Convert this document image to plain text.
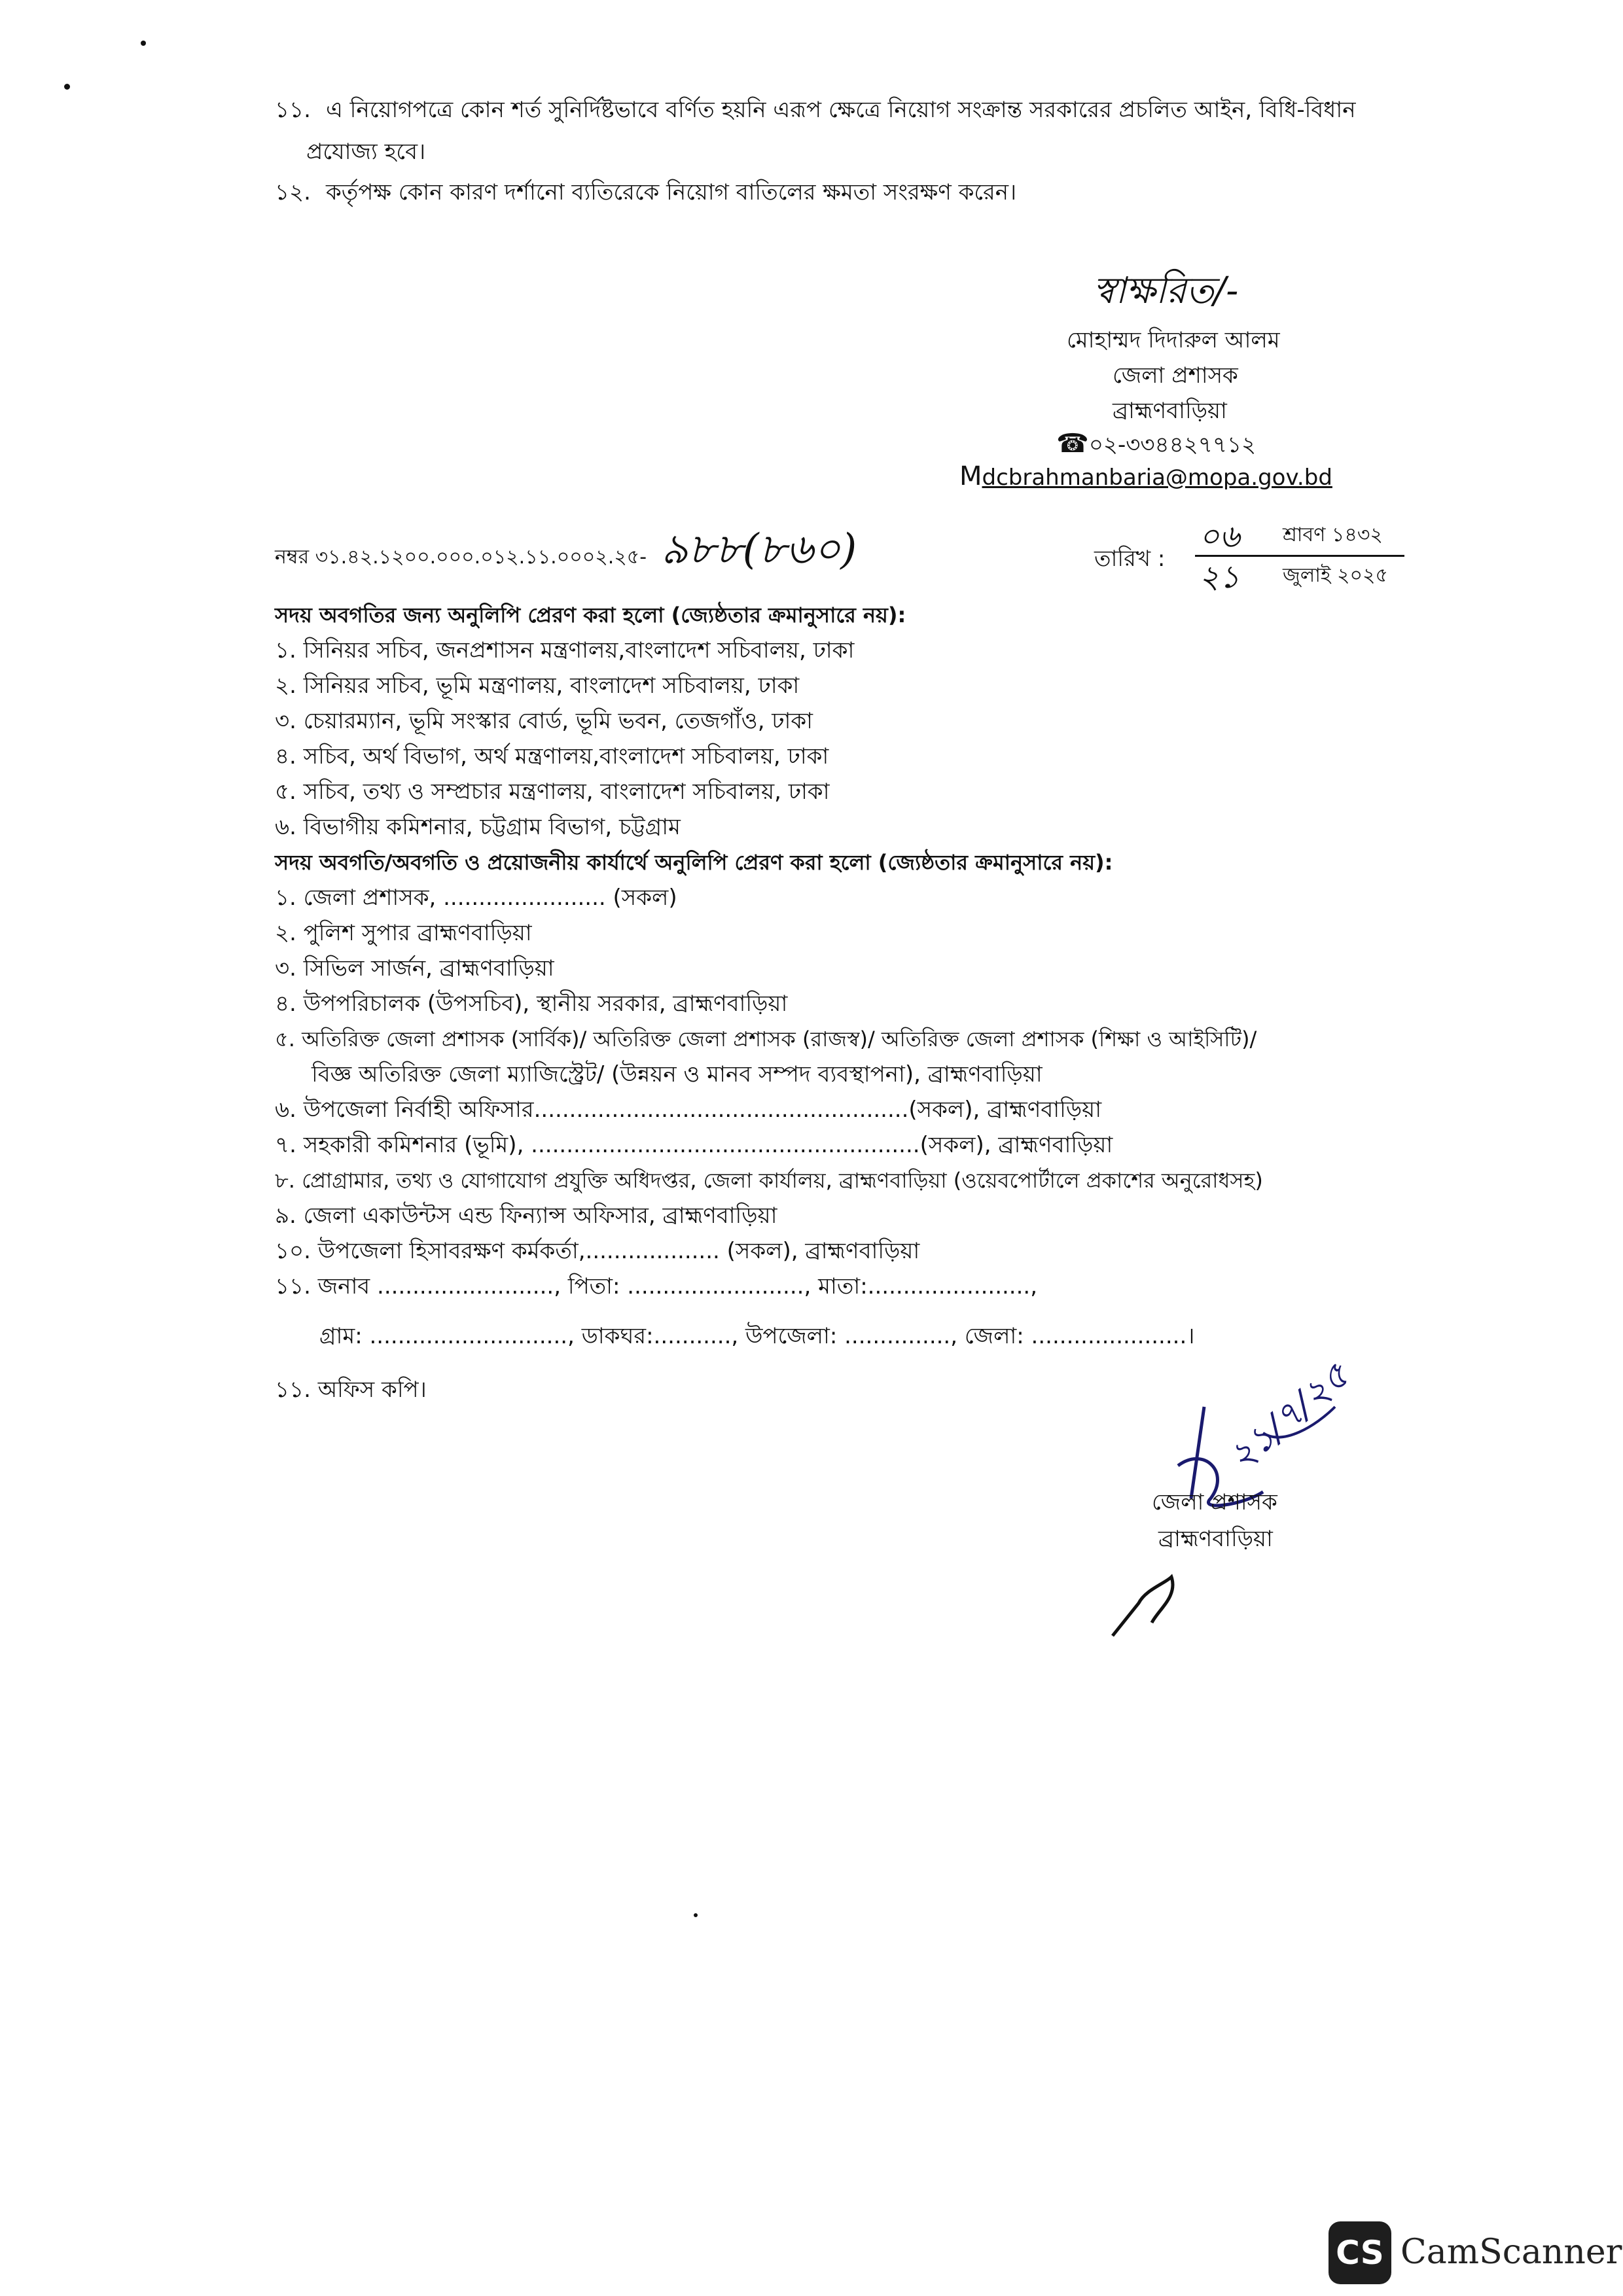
১১. এ নিয়োগপত্রে কোন শর্ত সুনির্দিষ্টভাবে বর্ণিত হয়নি এরূপ ক্ষেত্রে নিয়োগ সংক্রান্ত সরকারের প্রচলিত আইন, বিধি-বিধান
প্রযোজ্য হবে।
১২. কর্তৃপক্ষ কোন কারণ দর্শানো ব্যতিরেকে নিয়োগ বাতিলের ক্ষমতা সংরক্ষণ করেন।
স্বাক্ষরিত/-
মোহাম্মদ দিদারুল আলম
জেলা প্রশাসক
ব্রাহ্মণবাড়িয়া
☎০২-৩৩৪৪২৭৭১২
Mdcbrahmanbaria@mopa.gov.bd
নম্বর ৩১.৪২.১২০০.০০০.০১২.১১.০০০২.২৫- ৯৮৮(৮৬০)	তারিখ :
০৬ শ্রাবণ ১৪৩২
২১ জুলাই ২০২৫
সদয় অবগতির জন্য অনুলিপি প্রেরণ করা হলো (জ্যেষ্ঠতার ক্রমানুসারে নয়):
১. সিনিয়র সচিব, জনপ্রশাসন মন্ত্রণালয়,বাংলাদেশ সচিবালয়, ঢাকা
২. সিনিয়র সচিব, ভূমি মন্ত্রণালয়, বাংলাদেশ সচিবালয়, ঢাকা
৩. চেয়ারম্যান, ভূমি সংস্কার বোর্ড, ভূমি ভবন, তেজগাঁও, ঢাকা
৪. সচিব, অর্থ বিভাগ, অর্থ মন্ত্রণালয়,বাংলাদেশ সচিবালয়, ঢাকা
৫. সচিব, তথ্য ও সম্প্রচার মন্ত্রণালয়, বাংলাদেশ সচিবালয়, ঢাকা
৬. বিভাগীয় কমিশনার, চট্টগ্রাম বিভাগ, চট্টগ্রাম
সদয় অবগতি/অবগতি ও প্রয়োজনীয় কার্যার্থে অনুলিপি প্রেরণ করা হলো (জ্যেষ্ঠতার ক্রমানুসারে নয়):
১. জেলা প্রশাসক, ....................... (সকল)
২. পুলিশ সুপার ব্রাহ্মণবাড়িয়া
৩. সিভিল সার্জন, ব্রাহ্মণবাড়িয়া
৪. উপপরিচালক (উপসচিব), স্থানীয় সরকার, ব্রাহ্মণবাড়িয়া
৫. অতিরিক্ত জেলা প্রশাসক (সার্বিক)/ অতিরিক্ত জেলা প্রশাসক (রাজস্ব)/ অতিরিক্ত জেলা প্রশাসক (শিক্ষা ও আইসিটি)/
বিজ্ঞ অতিরিক্ত জেলা ম্যাজিস্ট্রেট/ (উন্নয়ন ও মানব সম্পদ ব্যবস্থাপনা), ব্রাহ্মণবাড়িয়া
৬. উপজেলা নির্বাহী অফিসার.....................................................(সকল), ব্রাহ্মণবাড়িয়া
৭. সহকারী কমিশনার (ভূমি), .......................................................(সকল), ব্রাহ্মণবাড়িয়া
৮. প্রোগ্রামার, তথ্য ও যোগাযোগ প্রযুক্তি অধিদপ্তর, জেলা কার্যালয়, ব্রাহ্মণবাড়িয়া (ওয়েবপোর্টালে প্রকাশের অনুরোধসহ)
৯. জেলা একাউন্টস এন্ড ফিন্যান্স অফিসার, ব্রাহ্মণবাড়িয়া
১০. উপজেলা হিসাবরক্ষণ কর্মকর্তা,................... (সকল), ব্রাহ্মণবাড়িয়া
১১. জনাব ........................., পিতা: ........................., মাতা:.......................,
গ্রাম: ............................, ডাকঘর:..........., উপজেলা: ..............., জেলা: ......................।
১১. অফিস কপি।	২১/৭/২৫
জেলা প্রশাসক
ব্রাহ্মণবাড়িয়া
CS CamScanner
